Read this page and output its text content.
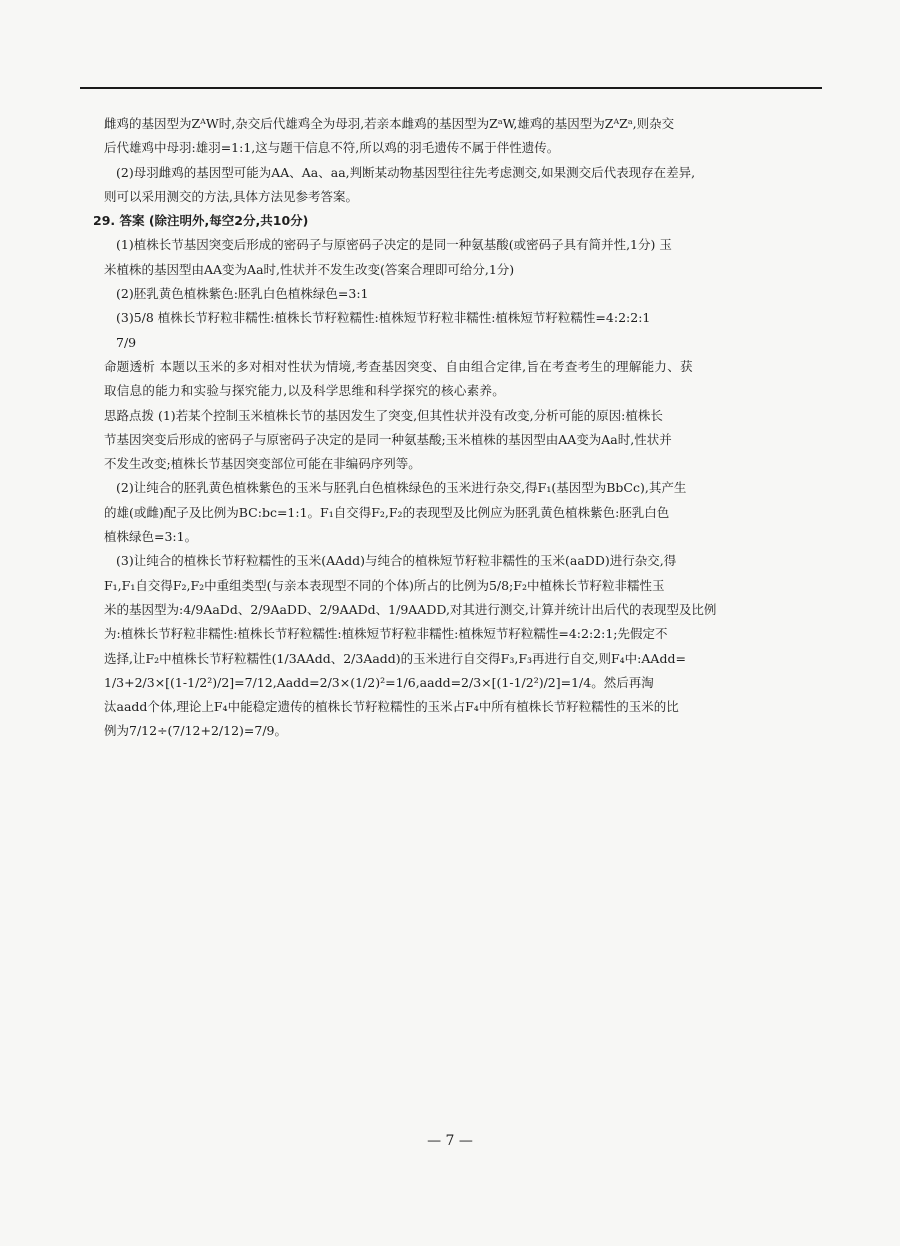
雌鸡的基因型为ZᴬW时,杂交后代雄鸡全为母羽,若亲本雌鸡的基因型为ZᵃW,雄鸡的基因型为ZᴬZᵃ,则杂交

后代雄鸡中母羽:雄羽=1:1,这与题干信息不符,所以鸡的羽毛遗传不属于伴性遗传。

(2)母羽雌鸡的基因型可能为AA、Aa、aa,判断某动物基因型往往先考虑测交,如果测交后代表现存在差异,

则可以采用测交的方法,具体方法见参考答案。

29. 答案 (除注明外,每空2分,共10分)

(1)植株长节基因突变后形成的密码子与原密码子决定的是同一种氨基酸(或密码子具有简并性,1分) 玉

米植株的基因型由AA变为Aa时,性状并不发生改变(答案合理即可给分,1分)

(2)胚乳黄色植株紫色:胚乳白色植株绿色=3:1

(3)5/8 植株长节籽粒非糯性:植株长节籽粒糯性:植株短节籽粒非糯性:植株短节籽粒糯性=4:2:2:1

7/9

命题透析 本题以玉米的多对相对性状为情境,考查基因突变、自由组合定律,旨在考查考生的理解能力、获

取信息的能力和实验与探究能力,以及科学思维和科学探究的核心素养。

思路点拨 (1)若某个控制玉米植株长节的基因发生了突变,但其性状并没有改变,分析可能的原因:植株长

节基因突变后形成的密码子与原密码子决定的是同一种氨基酸;玉米植株的基因型由AA变为Aa时,性状并

不发生改变;植株长节基因突变部位可能在非编码序列等。

(2)让纯合的胚乳黄色植株紫色的玉米与胚乳白色植株绿色的玉米进行杂交,得F₁(基因型为BbCc),其产生

的雄(或雌)配子及比例为BC:bc=1:1。F₁自交得F₂,F₂的表现型及比例应为胚乳黄色植株紫色:胚乳白色

植株绿色=3:1。

(3)让纯合的植株长节籽粒糯性的玉米(AAdd)与纯合的植株短节籽粒非糯性的玉米(aaDD)进行杂交,得

F₁,F₁自交得F₂,F₂中重组类型(与亲本表现型不同的个体)所占的比例为5/8;F₂中植株长节籽粒非糯性玉

米的基因型为:4/9AaDd、2/9AaDD、2/9AADd、1/9AADD,对其进行测交,计算并统计出后代的表现型及比例

为:植株长节籽粒非糯性:植株长节籽粒糯性:植株短节籽粒非糯性:植株短节籽粒糯性=4:2:2:1;先假定不

选择,让F₂中植株长节籽粒糯性(1/3AAdd、2/3Aadd)的玉米进行自交得F₃,F₃再进行自交,则F₄中:AAdd=

1/3+2/3×[(1-1/2²)/2]=7/12,Aadd=2/3×(1/2)²=1/6,aadd=2/3×[(1-1/2²)/2]=1/4。然后再淘

汰aadd个体,理论上F₄中能稳定遗传的植株长节籽粒糯性的玉米占F₄中所有植株长节籽粒糯性的玉米的比

例为7/12÷(7/12+2/12)=7/9。

— 7 —
